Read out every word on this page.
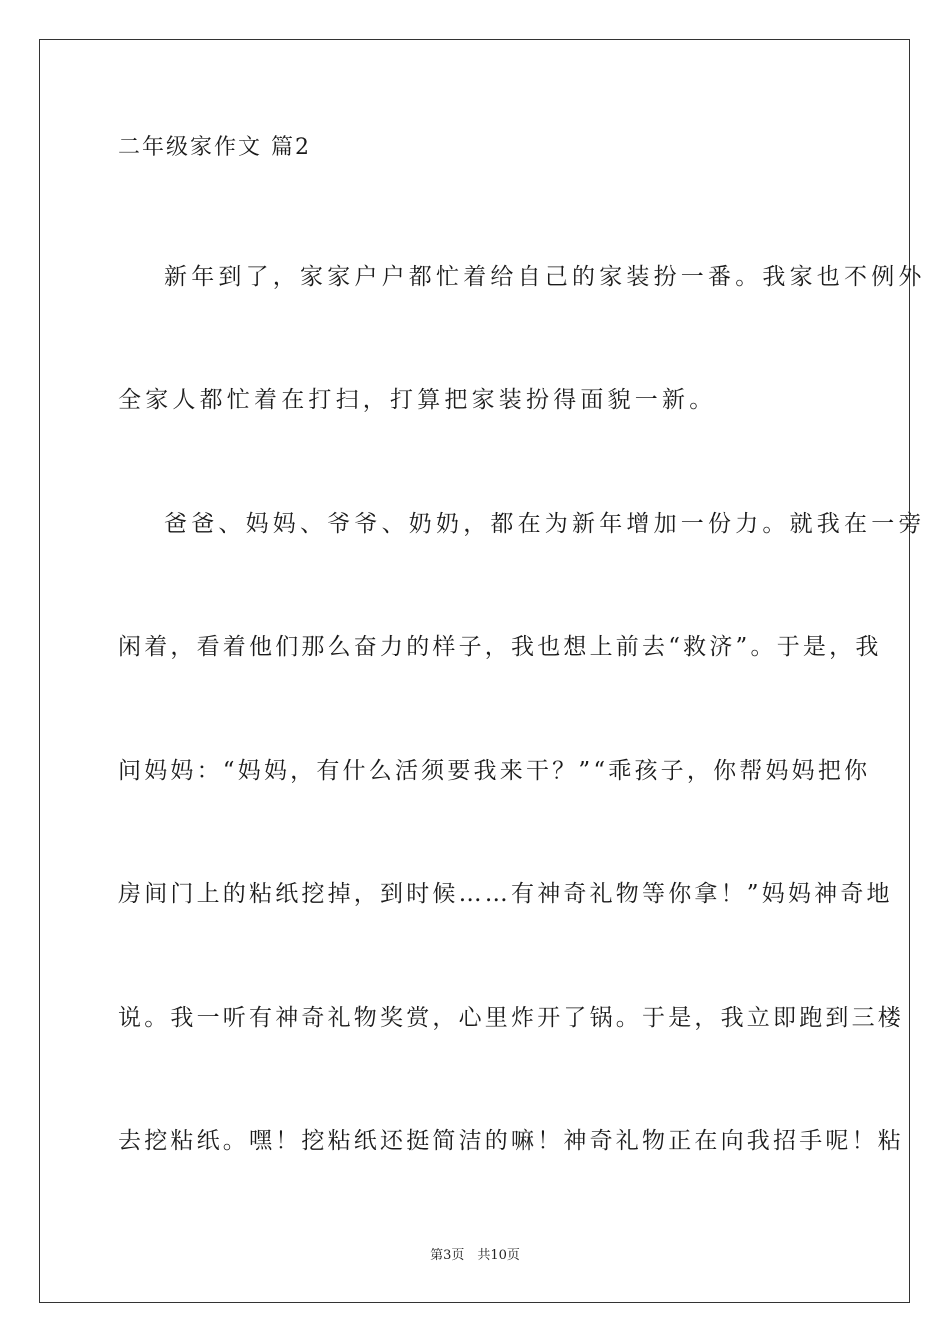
二年级家作文 篇2
新年到了，家家户户都忙着给自己的家装扮一番。我家也不例外
全家人都忙着在打扫，打算把家装扮得面貌一新。
爸爸、妈妈、爷爷、奶奶，都在为新年增加一份力。就我在一旁
闲着，看着他们那么奋力的样子，我也想上前去“救济”。于是，我
问妈妈：“妈妈，有什么活须要我来干？”“乖孩子，你帮妈妈把你
房间门上的粘纸挖掉，到时候……有神奇礼物等你拿！”妈妈神奇地
说。我一听有神奇礼物奖赏，心里炸开了锅。于是，我立即跑到三楼
去挖粘纸。嘿！挖粘纸还挺简洁的嘛！神奇礼物正在向我招手呢！粘
第3页　共10页
